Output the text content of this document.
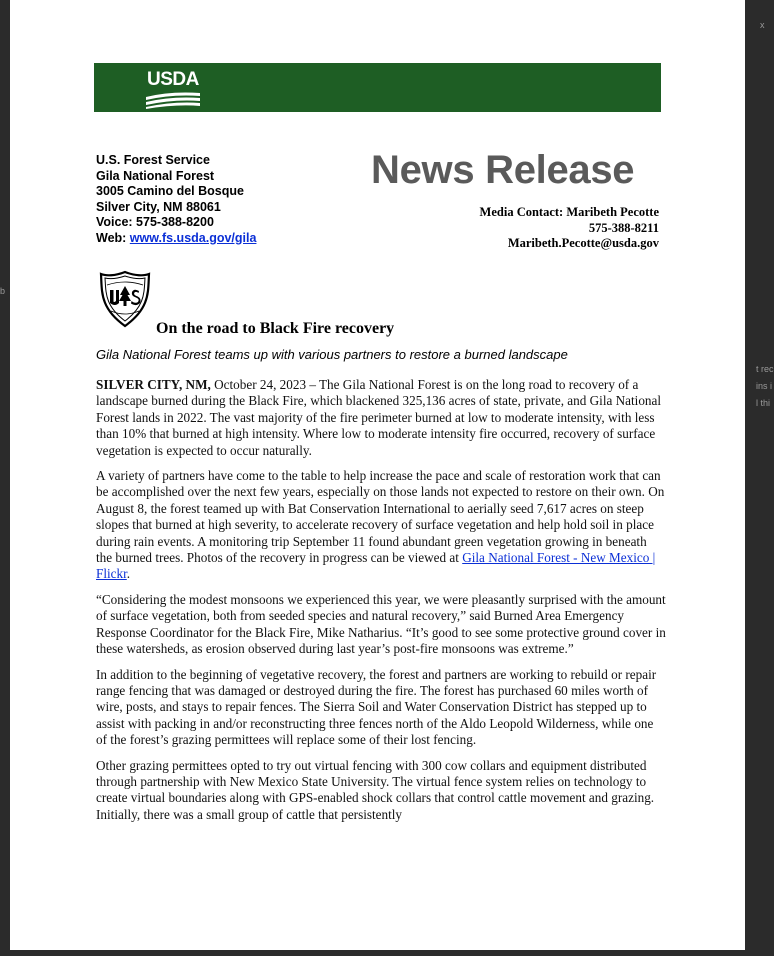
USDA
U.S. Forest Service
Gila National Forest
3005 Camino del Bosque
Silver City, NM 88061
Voice: 575-388-8200
Web: www.fs.usda.gov/gila
News Release
Media Contact: Maribeth Pecotte
575-388-8211
Maribeth.Pecotte@usda.gov
On the road to Black Fire recovery
Gila National Forest teams up with various partners to restore a burned landscape

SILVER CITY, NM, October 24, 2023 – The Gila National Forest is on the long road to recovery of a landscape burned during the Black Fire, which blackened 325,136 acres of state, private, and Gila National Forest lands in 2022. The vast majority of the fire perimeter burned at low to moderate intensity, with less than 10% that burned at high intensity. Where low to moderate intensity fire occurred, recovery of surface vegetation is expected to occur naturally.

A variety of partners have come to the table to help increase the pace and scale of restoration work that can be accomplished over the next few years, especially on those lands not expected to restore on their own. On August 8, the forest teamed up with Bat Conservation International to aerially seed 7,617 acres on steep slopes that burned at high severity, to accelerate recovery of surface vegetation and help hold soil in place during rain events. A monitoring trip September 11 found abundant green vegetation growing in beneath the burned trees. Photos of the recovery in progress can be viewed at Gila National Forest - New Mexico | Flickr.

“Considering the modest monsoons we experienced this year, we were pleasantly surprised with the amount of surface vegetation, both from seeded species and natural recovery,” said Burned Area Emergency Response Coordinator for the Black Fire, Mike Natharius. “It’s good to see some protective ground cover in these watersheds, as erosion observed during last year’s post-fire monsoons was extreme.”

In addition to the beginning of vegetative recovery, the forest and partners are working to rebuild or repair range fencing that was damaged or destroyed during the fire. The forest has purchased 60 miles worth of wire, posts, and stays to repair fences. The Sierra Soil and Water Conservation District has stepped up to assist with packing in and/or reconstructing three fences north of the Aldo Leopold Wilderness, while one of the forest’s grazing permittees will replace some of their lost fencing.

Other grazing permittees opted to try out virtual fencing with 300 cow collars and equipment distributed through partnership with New Mexico State University. The virtual fence system relies on technology to create virtual boundaries along with GPS-enabled shock collars that control cattle movement and grazing. Initially, there was a small group of cattle that persistently

t rec
ins i
l thi
b
x
